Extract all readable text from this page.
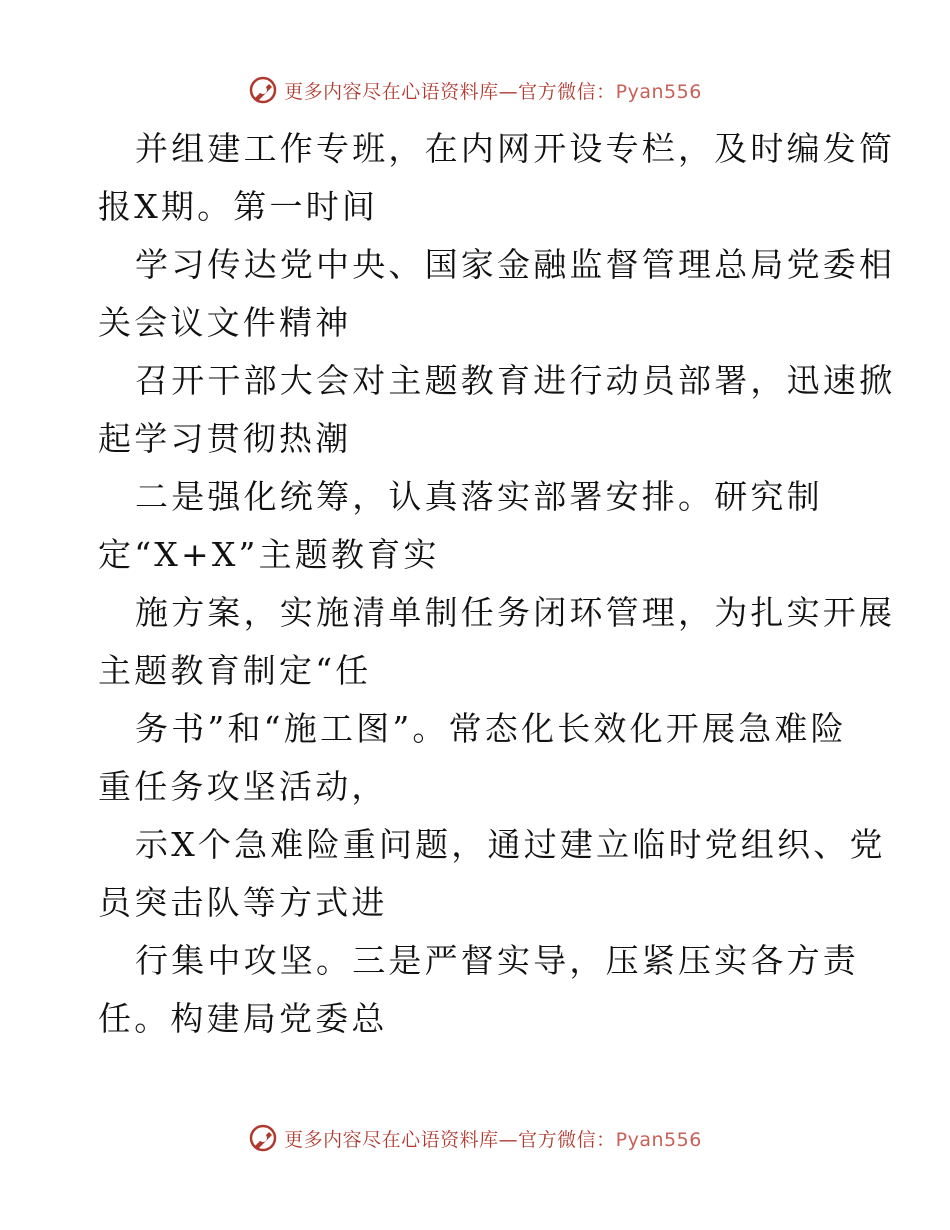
更多内容尽在心语资料库—官方微信：Pyan556

并组建工作专班，在内网开设专栏，及时编发简
报X期。第一时间

学习传达党中央、国家金融监督管理总局党委相
关会议文件精神

召开干部大会对主题教育进行动员部署，迅速掀
起学习贯彻热潮

二是强化统筹，认真落实部署安排。研究制
定“X+X”主题教育实

施方案，实施清单制任务闭环管理，为扎实开展
主题教育制定“任

务书”和“施工图”。常态化长效化开展急难险
重任务攻坚活动，

示X个急难险重问题，通过建立临时党组织、党
员突击队等方式进

行集中攻坚。三是严督实导，压紧压实各方责
任。构建局党委总

更多内容尽在心语资料库—官方微信：Pyan556
